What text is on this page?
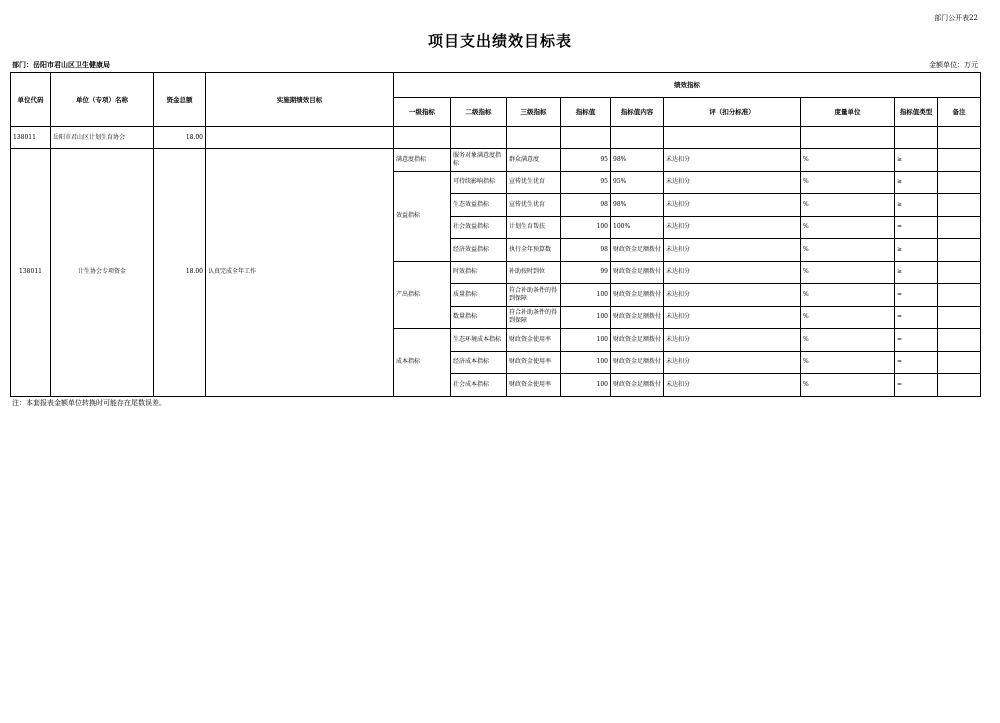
部门公开表22
项目支出绩效目标表
部门：岳阳市君山区卫生健康局	金额单位：万元
单位代码	单位（专项）名称	资金总额	实施期绩效目标	绩效指标								
				一级指标	二级指标	三级指标	指标值	指标值内容	评（扣分标准）	度量单位	指标值类型	备注
138011	岳阳市君山区计划生育协会	18.00										
138011	计生协会专项资金	18.00	认真完成全年工作	满意度指标	服务对象满意度指标	群众满意度	95	98%	未达扣分	%	≥	
				效益指标	可持续影响指标	宣传优生优育	95	95%	未达扣分	%	≥	
					生态效益指标	宣传优生优育	98	98%	未达扣分	%	≥	
					社会效益指标	计划生育帮扶	100	100%	未达扣分	%	=	
					经济效益指标	执行全年预算数	98	财政资金足额拨付	未达扣分	%	≥	
				产出指标	时效指标	补助按时到位	99	财政资金足额拨付	未达扣分	%	≥	
					质量指标	符合补助条件的得到保障	100	财政资金足额拨付	未达扣分	%	=	
					数量指标	符合补助条件的得到保障	100	财政资金足额拨付	未达扣分	%	=	
				成本指标	生态环境成本指标	财政资金使用率	100	财政资金足额拨付	未达扣分	%	=	
					经济成本指标	财政资金使用率	100	财政资金足额拨付	未达扣分	%	=	
					社会成本指标	财政资金使用率	100	财政资金足额拨付	未达扣分	%	=	
注：本套报表金额单位转换时可能存在尾数误差。
